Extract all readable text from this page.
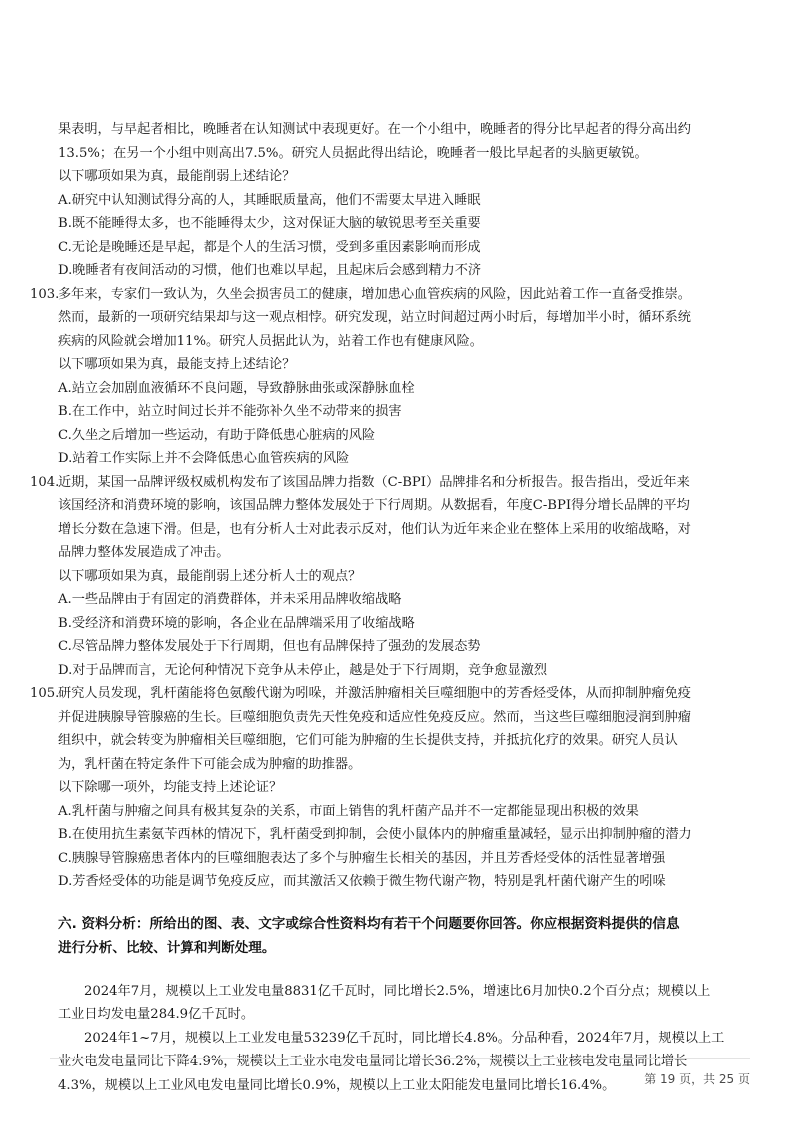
果表明，与早起者相比，晚睡者在认知测试中表现更好。在一个小组中，晚睡者的得分比早起者的得分高出约
13.5%；在另一个小组中则高出7.5%。研究人员据此得出结论，晚睡者一般比早起者的头脑更敏锐。
以下哪项如果为真，最能削弱上述结论？
A.研究中认知测试得分高的人，其睡眠质量高，他们不需要太早进入睡眠
B.既不能睡得太多，也不能睡得太少，这对保证大脑的敏锐思考至关重要
C.无论是晚睡还是早起，都是个人的生活习惯，受到多重因素影响而形成
D.晚睡者有夜间活动的习惯，他们也难以早起，且起床后会感到精力不济
103.
多年来，专家们一致认为，久坐会损害员工的健康，增加患心血管疾病的风险，因此站着工作一直备受推崇。
然而，最新的一项研究结果却与这一观点相悖。研究发现，站立时间超过两小时后，每增加半小时，循环系统
疾病的风险就会增加11%。研究人员据此认为，站着工作也有健康风险。
以下哪项如果为真，最能支持上述结论？
A.站立会加剧血液循环不良问题，导致静脉曲张或深静脉血栓
B.在工作中，站立时间过长并不能弥补久坐不动带来的损害
C.久坐之后增加一些运动，有助于降低患心脏病的风险
D.站着工作实际上并不会降低患心血管疾病的风险
104.
近期，某国一品牌评级权威机构发布了该国品牌力指数（C-BPI）品牌排名和分析报告。报告指出，受近年来
该国经济和消费环境的影响，该国品牌力整体发展处于下行周期。从数据看，年度C-BPI得分增长品牌的平均
增长分数在急速下滑。但是，也有分析人士对此表示反对，他们认为近年来企业在整体上采用的收缩战略，对
品牌力整体发展造成了冲击。
以下哪项如果为真，最能削弱上述分析人士的观点？
A.一些品牌由于有固定的消费群体，并未采用品牌收缩战略
B.受经济和消费环境的影响，各企业在品牌端采用了收缩战略
C.尽管品牌力整体发展处于下行周期，但也有品牌保持了强劲的发展态势
D.对于品牌而言，无论何种情况下竞争从未停止，越是处于下行周期，竞争愈显激烈
105.
研究人员发现，乳杆菌能将色氨酸代谢为吲哚，并激活肿瘤相关巨噬细胞中的芳香烃受体，从而抑制肿瘤免疫
并促进胰腺导管腺癌的生长。巨噬细胞负责先天性免疫和适应性免疫反应。然而，当这些巨噬细胞浸润到肿瘤
组织中，就会转变为肿瘤相关巨噬细胞，它们可能为肿瘤的生长提供支持，并抵抗化疗的效果。研究人员认
为，乳杆菌在特定条件下可能会成为肿瘤的助推器。
以下除哪一项外，均能支持上述论证？
A.乳杆菌与肿瘤之间具有极其复杂的关系，市面上销售的乳杆菌产品并不一定都能显现出积极的效果
B.在使用抗生素氨苄西林的情况下，乳杆菌受到抑制，会使小鼠体内的肿瘤重量减轻，显示出抑制肿瘤的潜力
C.胰腺导管腺癌患者体内的巨噬细胞表达了多个与肿瘤生长相关的基因，并且芳香烃受体的活性显著增强
D.芳香烃受体的功能是调节免疫反应，而其激活又依赖于微生物代谢产物，特别是乳杆菌代谢产生的吲哚
六. 资料分析：所给出的图、表、文字或综合性资料均有若干个问题要你回答。你应根据资料提供的信息
进行分析、比较、计算和判断处理。
2024年7月，规模以上工业发电量8831亿千瓦时，同比增长2.5%，增速比6月加快0.2个百分点；规模以上
工业日均发电量284.9亿千瓦时。
2024年1~7月，规模以上工业发电量53239亿千瓦时，同比增长4.8%。分品种看，2024年7月，规模以上工
业火电发电量同比下降4.9%，规模以上工业水电发电量同比增长36.2%，规模以上工业核电发电量同比增长
4.3%，规模以上工业风电发电量同比增长0.9%，规模以上工业太阳能发电量同比增长16.4%。	第 19 页，共 25 页
